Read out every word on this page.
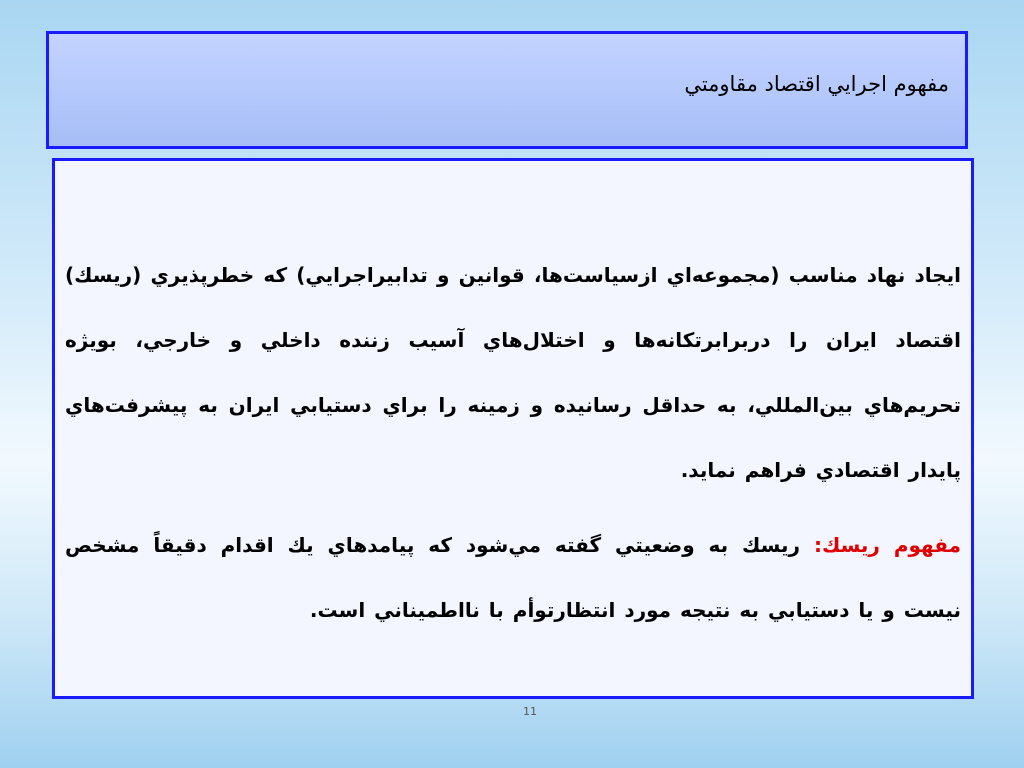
مفهوم اجرايي اقتصاد مقاومتي
ايجاد نهاد مناسب (مجموعه‌اي ازسياست‌ها، قوانين و تدابيراجرايي) كه خطرپذيري (ريسك) اقتصاد ايران را دربرابرتكانه‌ها و اختلال‌هاي آسيب زننده داخلي و خارجي، بويژه تحريم‌هاي بين‌المللي، به حداقل رسانيده و زمينه را براي دستيابي ايران به پيشرفت‌هاي پايدار اقتصادي فراهم نمايد.
مفهوم ريسك: ريسك به وضعيتي گفته مي‌شود كه پيامدهاي يك اقدام دقيقاً مشخص نيست و يا دستيابي به نتيجه مورد انتظارتوأم با نااطميناني است.
11
